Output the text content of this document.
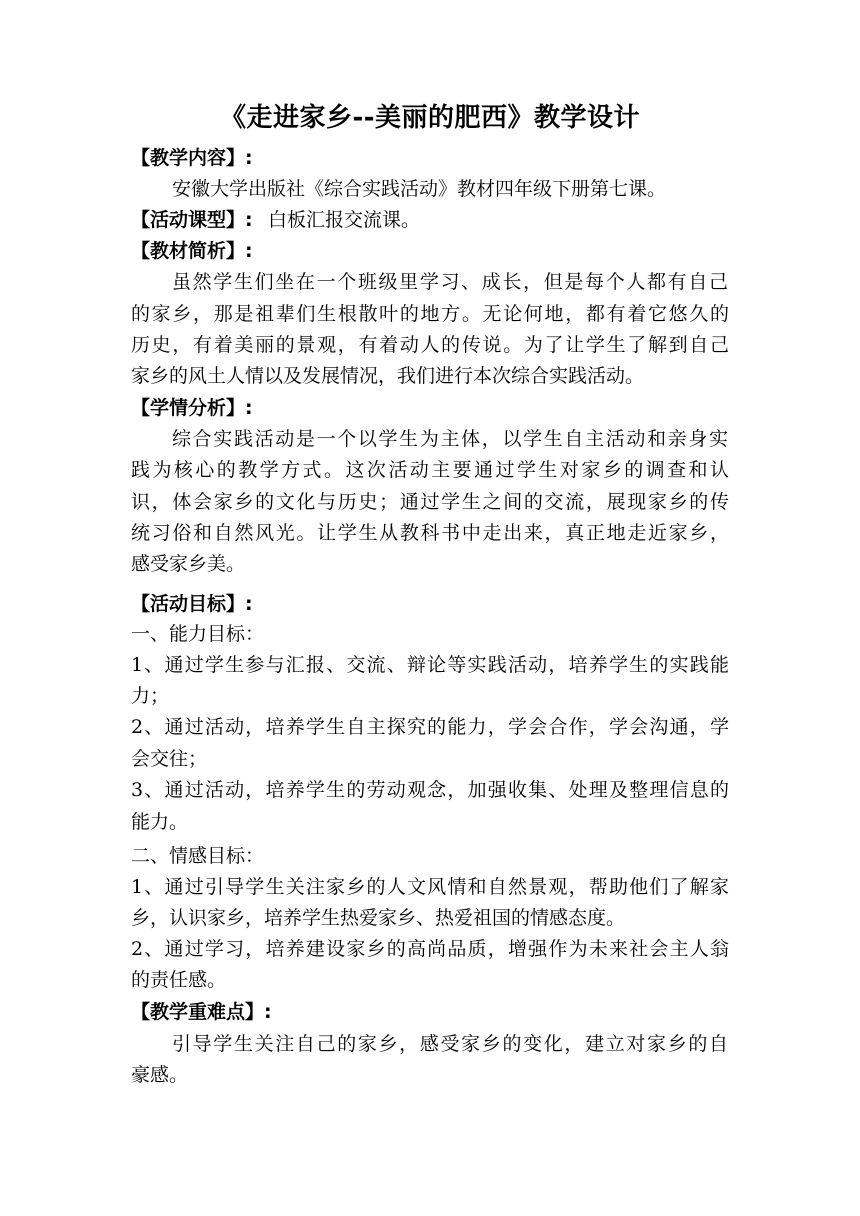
《走进家乡--美丽的肥西》教学设计
【教学内容】:
安徽大学出版社《综合实践活动》教材四年级下册第七课。
【活动课型】: 白板汇报交流课。
【教材简析】:
虽然学生们坐在一个班级里学习、成长，但是每个人都有自己
的家乡，那是祖辈们生根散叶的地方。无论何地，都有着它悠久的
历史，有着美丽的景观，有着动人的传说。为了让学生了解到自己
家乡的风土人情以及发展情况，我们进行本次综合实践活动。
【学情分析】:
综合实践活动是一个以学生为主体，以学生自主活动和亲身实
践为核心的教学方式。这次活动主要通过学生对家乡的调查和认
识，体会家乡的文化与历史；通过学生之间的交流，展现家乡的传
统习俗和自然风光。让学生从教科书中走出来，真正地走近家乡，
感受家乡美。
【活动目标】:
一、能力目标：
1、通过学生参与汇报、交流、辩论等实践活动，培养学生的实践能
力；
2、通过活动，培养学生自主探究的能力，学会合作，学会沟通，学
会交往；
3、通过活动，培养学生的劳动观念，加强收集、处理及整理信息的
能力。
二、情感目标：
1、通过引导学生关注家乡的人文风情和自然景观，帮助他们了解家
乡，认识家乡，培养学生热爱家乡、热爱祖国的情感态度。
2、通过学习，培养建设家乡的高尚品质，增强作为未来社会主人翁
的责任感。
【教学重难点】:
引导学生关注自己的家乡，感受家乡的变化，建立对家乡的自
豪感。
